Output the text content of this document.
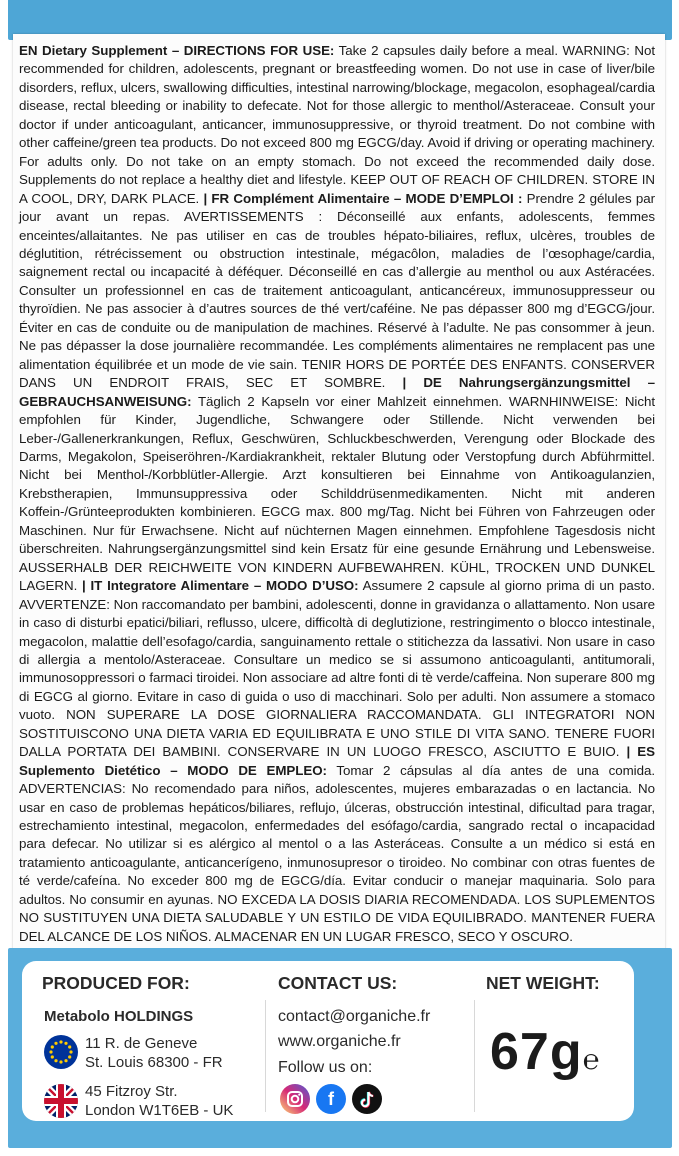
EN Dietary Supplement – DIRECTIONS FOR USE: Take 2 capsules daily before a meal. WARNING: Not recommended for children, adolescents, pregnant or breastfeeding women. Do not use in case of liver/bile disorders, reflux, ulcers, swallowing difficulties, intestinal narrowing/blockage, megacolon, esophageal/cardia disease, rectal bleeding or inability to defecate. Not for those allergic to menthol/Asteraceae. Consult your doctor if under anticoagulant, anticancer, immunosuppressive, or thyroid treatment. Do not combine with other caffeine/green tea products. Do not exceed 800 mg EGCG/day. Avoid if driving or operating machinery. For adults only. Do not take on an empty stomach. Do not exceed the recommended daily dose. Supplements do not replace a healthy diet and lifestyle. KEEP OUT OF REACH OF CHILDREN. STORE IN A COOL, DRY, DARK PLACE. | FR Complément Alimentaire – MODE D’EMPLOI : Prendre 2 gélules par jour avant un repas. AVERTISSEMENTS : Déconseillé aux enfants, adolescents, femmes enceintes/allaitantes. Ne pas utiliser en cas de troubles hépato-biliaires, reflux, ulcères, troubles de déglutition, rétrécissement ou obstruction intestinale, mégacôlon, maladies de l’œsophage/cardia, saignement rectal ou incapacité à déféquer. Déconseillé en cas d’allergie au menthol ou aux Astéracées. Consulter un professionnel en cas de traitement anticoagulant, anticancéreux, immunosuppresseur ou thyroïdien. Ne pas associer à d’autres sources de thé vert/caféine. Ne pas dépasser 800 mg d’EGCG/jour. Éviter en cas de conduite ou de manipulation de machines. Réservé à l’adulte. Ne pas consommer à jeun. Ne pas dépasser la dose journalière recommandée. Les compléments alimentaires ne remplacent pas une alimentation équilibrée et un mode de vie sain. TENIR HORS DE PORTÉE DES ENFANTS. CONSERVER DANS UN ENDROIT FRAIS, SEC ET SOMBRE. | DE Nahrungsergänzungsmittel – GEBRAUCHSANWEISUNG: Täglich 2 Kapseln vor einer Mahlzeit einnehmen. WARNHINWEISE: Nicht empfohlen für Kinder, Jugendliche, Schwangere oder Stillende. Nicht verwenden bei Leber-/Gallenerkrankungen, Reflux, Geschwüren, Schluckbeschwerden, Verengung oder Blockade des Darms, Megakolon, Speiseröhren-/Kardiakrankheit, rektaler Blutung oder Verstopfung durch Abführmittel. Nicht bei Menthol-/Korbblütler-Allergie. Arzt konsultieren bei Einnahme von Antikoagulanzien, Krebstherapien, Immunsuppressiva oder Schilddrüsenmedikamenten. Nicht mit anderen Koffein-/Grünteeprodukten kombinieren. EGCG max. 800 mg/Tag. Nicht bei Führen von Fahrzeugen oder Maschinen. Nur für Erwachsene. Nicht auf nüchternen Magen einnehmen. Empfohlene Tagesdosis nicht überschreiten. Nahrungsergänzungsmittel sind kein Ersatz für eine gesunde Ernährung und Lebensweise. AUSSERHALB DER REICHWEITE VON KINDERN AUFBEWAHREN. KÜHL, TROCKEN UND DUNKEL LAGERN. | IT Integratore Alimentare – MODO D’USO: Assumere 2 capsule al giorno prima di un pasto. AVVERTENZE: Non raccomandato per bambini, adolescenti, donne in gravidanza o allattamento. Non usare in caso di disturbi epatici/biliari, reflusso, ulcere, difficoltà di deglutizione, restringimento o blocco intestinale, megacolon, malattie dell’esofago/cardia, sanguinamento rettale o stitichezza da lassativi. Non usare in caso di allergia a mentolo/Asteraceae. Consultare un medico se si assumono anticoagulanti, antitumorali, immunosoppressori o farmaci tiroidei. Non associare ad altre fonti di tè verde/caffeina. Non superare 800 mg di EGCG al giorno. Evitare in caso di guida o uso di macchinari. Solo per adulti. Non assumere a stomaco vuoto. NON SUPERARE LA DOSE GIORNALIERA RACCOMANDATA. GLI INTEGRATORI NON SOSTITUISCONO UNA DIETA VARIA ED EQUILIBRATA E UNO STILE DI VITA SANO. TENERE FUORI DALLA PORTATA DEI BAMBINI. CONSERVARE IN UN LUOGO FRESCO, ASCIUTTO E BUIO. | ES Suplemento Dietético – MODO DE EMPLEO: Tomar 2 cápsulas al día antes de una comida. ADVERTENCIAS: No recomendado para niños, adolescentes, mujeres embarazadas o en lactancia. No usar en caso de problemas hepáticos/biliares, reflujo, úlceras, obstrucción intestinal, dificultad para tragar, estrechamiento intestinal, megacolon, enfermedades del esófago/cardia, sangrado rectal o incapacidad para defecar. No utilizar si es alérgico al mentol o a las Asteráceas. Consulte a un médico si está en tratamiento anticoagulante, anticancerígeno, inmunosupresor o tiroideo. No combinar con otras fuentes de té verde/cafeína. No exceder 800 mg de EGCG/día. Evitar conducir o manejar maquinaria. Solo para adultos. No consumir en ayunas. NO EXCEDA LA DOSIS DIARIA RECOMENDADA. LOS SUPLEMENTOS NO SUSTITUYEN UNA DIETA SALUDABLE Y UN ESTILO DE VIDA EQUILIBRADO. MANTENER FUERA DEL ALCANCE DE LOS NIÑOS. ALMACENAR EN UN LUGAR FRESCO, SECO Y OSCURO.
PRODUCED FOR:
Metabolo HOLDINGS
11 R. de Geneve
St. Louis 68300 - FR
45 Fitzroy Str.
London W1T6EB - UK
CONTACT US:
contact@organiche.fr
www.organiche.fr
Follow us on:
f
NET WEIGHT:
67g℮
